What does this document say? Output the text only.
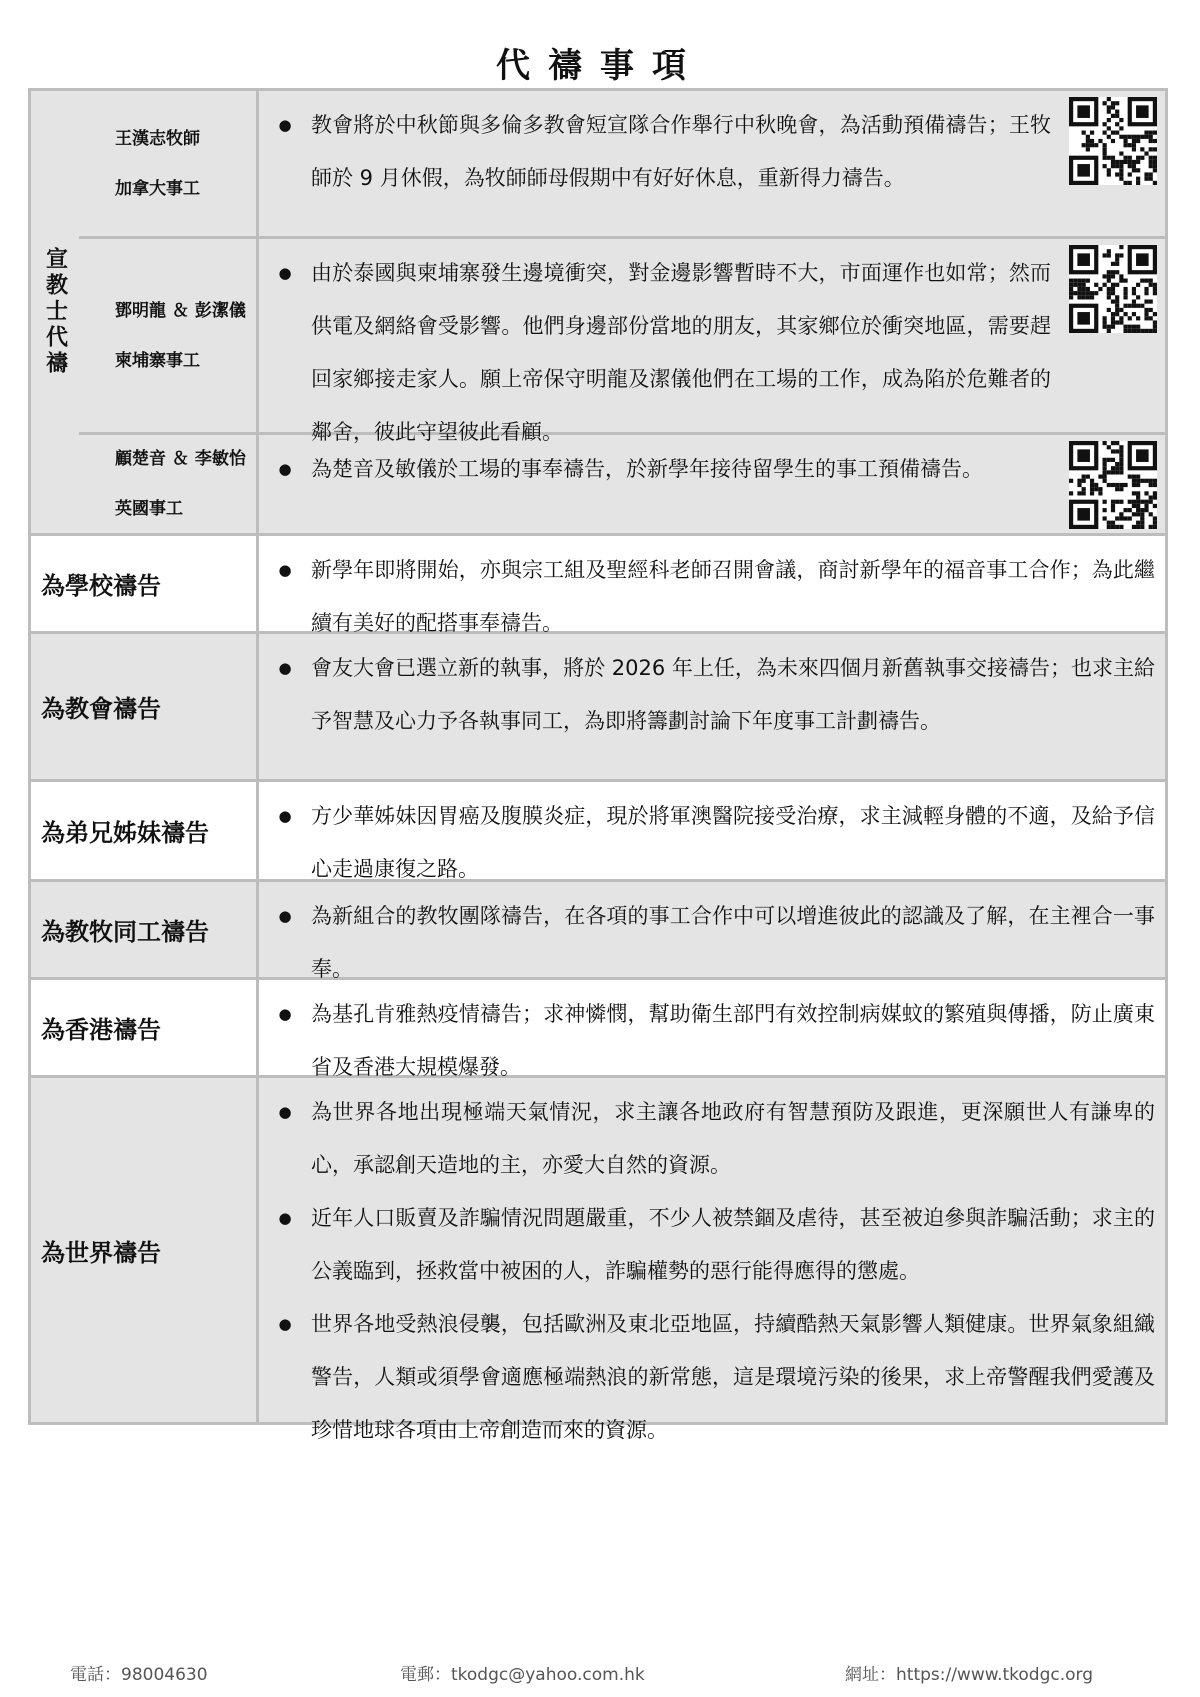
代禱事項
宣教士代禱
王漢志牧師
加拿大事工
● 教會將於中秋節與多倫多教會短宣隊合作舉行中秋晚會，為活動預備禱告；王牧師於 9 月休假，為牧師師母假期中有好好休息，重新得力禱告。
鄧明龍 ＆ 彭潔儀
柬埔寨事工
● 由於泰國與柬埔寨發生邊境衝突，對金邊影響暫時不大，市面運作也如常；然而供電及網絡會受影響。他們身邊部份當地的朋友，其家鄉位於衝突地區，需要趕回家鄉接走家人。願上帝保守明龍及潔儀他們在工場的工作，成為陷於危難者的鄰舍，彼此守望彼此看顧。
顧楚音 ＆ 李敏怡
英國事工
● 為楚音及敏儀於工場的事奉禱告，於新學年接待留學生的事工預備禱告。
為學校禱告
● 新學年即將開始，亦與宗工組及聖經科老師召開會議，商討新學年的福音事工合作；為此繼續有美好的配搭事奉禱告。
為教會禱告
● 會友大會已選立新的執事，將於 2026 年上任，為未來四個月新舊執事交接禱告；也求主給予智慧及心力予各執事同工，為即將籌劃討論下年度事工計劃禱告。
為弟兄姊妹禱告
● 方少華姊妹因胃癌及腹膜炎症，現於將軍澳醫院接受治療，求主減輕身體的不適，及給予信心走過康復之路。
為教牧同工禱告
● 為新組合的教牧團隊禱告，在各項的事工合作中可以增進彼此的認識及了解，在主裡合一事奉。
為香港禱告
● 為基孔肯雅熱疫情禱告；求神憐憫，幫助衛生部門有效控制病媒蚊的繁殖與傳播，防止廣東省及香港大規模爆發。
為世界禱告
● 為世界各地出現極端天氣情況，求主讓各地政府有智慧預防及跟進，更深願世人有謙卑的心，承認創天造地的主，亦愛大自然的資源。
● 近年人口販賣及詐騙情況問題嚴重，不少人被禁錮及虐待，甚至被迫參與詐騙活動；求主的公義臨到，拯救當中被困的人，詐騙權勢的惡行能得應得的懲處。
● 世界各地受熱浪侵襲，包括歐洲及東北亞地區，持續酷熱天氣影響人類健康。世界氣象組織警告，人類或須學會適應極端熱浪的新常態，這是環境污染的後果，求上帝警醒我們愛護及珍惜地球各項由上帝創造而來的資源。
電話：98004630	電郵：tkodgc@yahoo.com.hk	網址：https://www.tkodgc.org
